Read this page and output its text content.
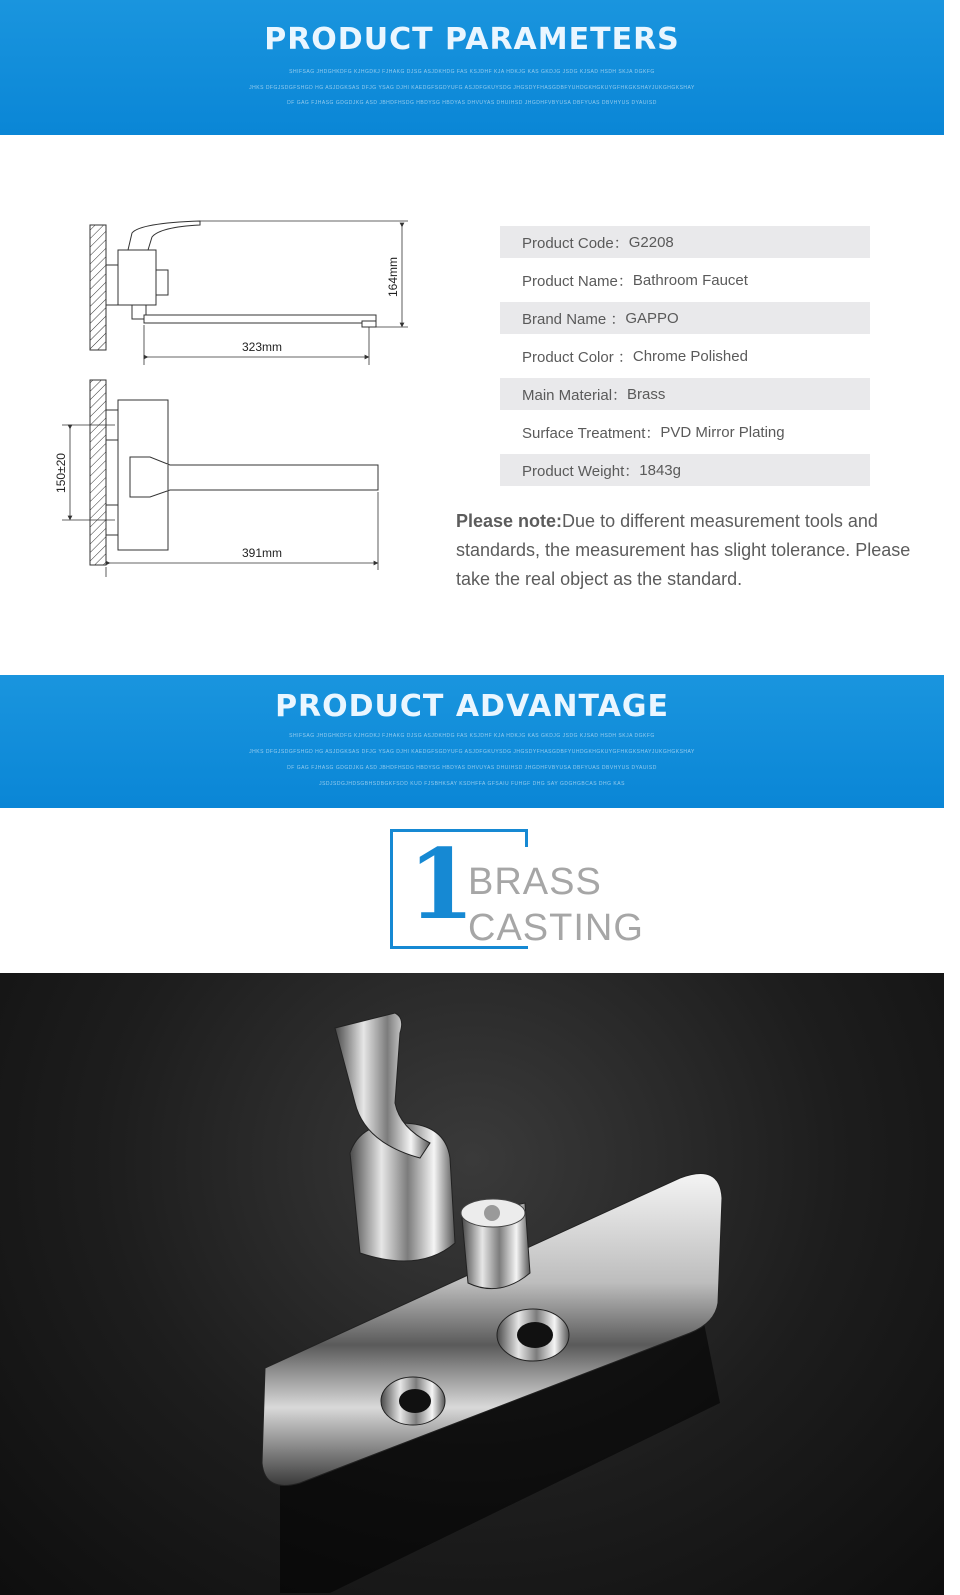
PRODUCT PARAMETERS
SHIFSAG JHDGHKDFG KJHGDKJ FJHAKG DJSG ASJDKHDG FAS KSJDHF KJA HDKJG KAS GKDJG JSDG KJSAD HSDH SKJA DGKFG
JHKS DFGJSDGFSHGD HG ASJDGKSAS DFJG YSAG DJHI KAEDGFSGDYUFG ASJDFGKUYSDG JHGSDYFHASGDBFYUHDGKHGKUYGFHKGKSHAYJUKGHGKSHAY
DF GAG FJHASG GDGDJKG ASD JBHDFHSDG HBDYSG HBDYAS DHVUYAS DHUIHSD JHGDHFVBYUSA DBFYUAS DBVHYUS DYAUISD
164mm
323mm
150±20
391mm
Product Code： G2208
Product Name： Bathroom Faucet
Brand Name ： GAPPO
Product Color ： Chrome Polished
Main Material： Brass
Surface Treatment： PVD Mirror Plating
Product Weight： 1843g

Please note:Due to different measurement tools and standards, the measurement has slight tolerance. Please take the real object as the standard.

PRODUCT ADVANTAGE
SHIFSAG JHDGHKDFG KJHGDKJ FJHAKG DJSG ASJDKHDG FAS KSJDHF KJA HDKJG KAS GKDJG JSDG KJSAD HSDH SKJA DGKFG
JHKS DFGJSDGFSHGD HG ASJDGKSAS DFJG YSAG DJHI KAEDGFSGDYUFG ASJDFGKUYSDG JHGSDYFHASGDBFYUHDGKHGKUYGFHKGKSHAYJUKGHGKSHAY
DF GAG FJHASG GDGDJKG ASD JBHDFHSDG HBDYSG HBDYAS DHVUYAS DHUIHSD JHGDHFVBYUSA DBFYUAS DBVHYUS DYAUISD
JSDJSDGJHDSGBHSDBGKFSDD KUD FJSBHKSAY KSDHFFA GFSAIU FUHGF DHG SAY GDGHGBCAS DHG KAS
1
BRASS
CASTING
